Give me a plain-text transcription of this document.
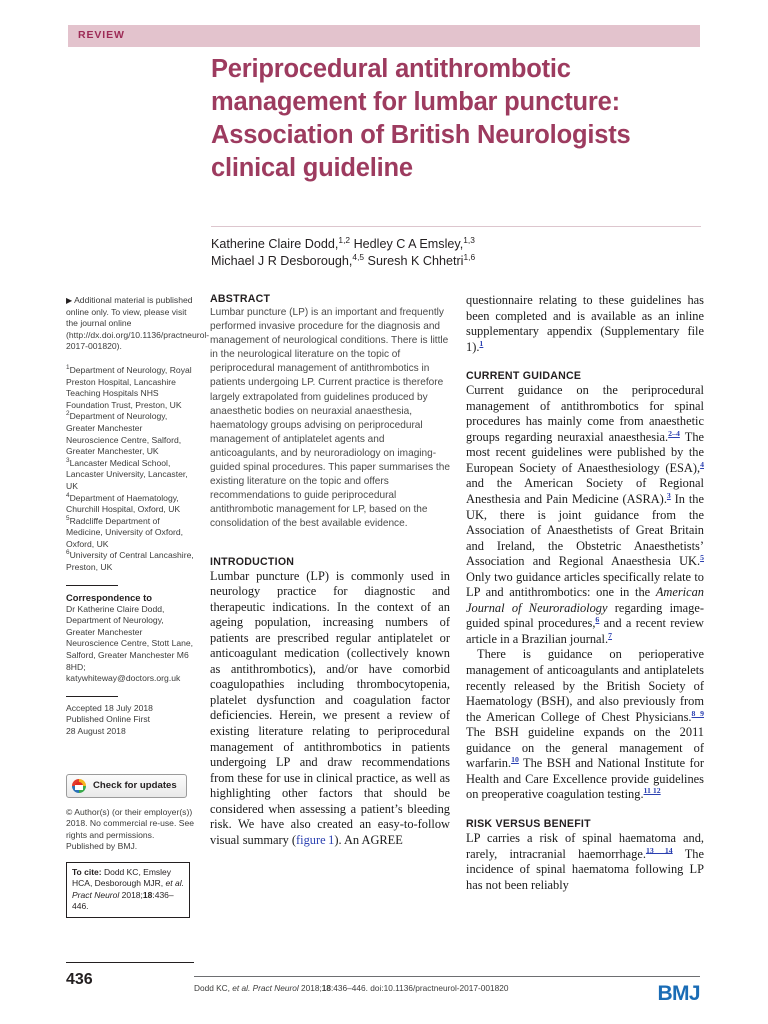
REVIEW
Periprocedural antithrombotic management for lumbar puncture: Association of British Neurologists clinical guideline

Katherine Claire Dodd,$^{1,2}$ Hedley C A Emsley,$^{1,3}$
Michael J R Desborough,$^{4,5}$ Suresh K Chhetri$^{1,6}$

▶ Additional material is published online only. To view, please visit the journal online (http://dx.doi.org/10.1136/practneurol-2017-001820).

$^1$Department of Neurology, Royal Preston Hospital, Lancashire Teaching Hospitals NHS Foundation Trust, Preston, UK

$^2$Department of Neurology, Greater Manchester Neuroscience Centre, Salford, Greater Manchester, UK

$^3$Lancaster Medical School, Lancaster University, Lancaster, UK

$^4$Department of Haematology, Churchill Hospital, Oxford, UK

$^5$Radcliffe Department of Medicine, University of Oxford, Oxford, UK

$^6$University of Central Lancashire, Preston, UK

Correspondence to

Dr Katherine Claire Dodd, Department of Neurology, Greater Manchester Neuroscience Centre, Stott Lane, Salford, Greater Manchester M6 8HD; katywhiteway@doctors.org.uk

Accepted 18 July 2018

Published Online First

28 August 2018

Check for updates

© Author(s) (or their employer(s)) 2018. No commercial re-use. See rights and permissions. Published by BMJ.

To cite: Dodd KC, Emsley HCA, Desborough MJR, et al. Pract Neurol 2018;18:436–446.

436
ABSTRACT

Lumbar puncture (LP) is an important and frequently performed invasive procedure for the diagnosis and management of neurological conditions. There is little in the neurological literature on the topic of periprocedural management of antithrombotics in patients undergoing LP. Current practice is therefore largely extrapolated from guidelines produced by anaesthetic bodies on neuraxial anaesthesia, haematology groups advising on periprocedural management of antiplatelet agents and anticoagulants, and by neuroradiology on imaging-guided spinal procedures. This paper summarises the existing literature on the topic and offers recommendations to guide periprocedural antithrombotic management for LP, based on the consolidation of the best available evidence.

INTRODUCTION

Lumbar puncture (LP) is commonly used in neurology practice for diagnostic and therapeutic indications. In the context of an ageing population, increasing numbers of patients are prescribed regular antiplatelet or anticoagulant medication (collectively known as antithrombotics), and/or have comorbid coagulopathies including thrombocytopenia, platelet dysfunction and coagulation factor deficiencies. Herein, we present a review of existing literature relating to periprocedural management of antithrombotics in patients undergoing LP and draw recommendations from these for use in clinical practice, as well as highlighting other factors that should be considered when assessing a patient’s bleeding risk. We have also created an easy-to-follow visual summary (figure 1). An AGREE

questionnaire relating to these guidelines has been completed and is available as an inline supplementary appendix (Supplementary file 1).$^1$

CURRENT GUIDANCE

Current guidance on the periprocedural management of antithrombotics for spinal procedures has mainly come from anaesthetic groups regarding neuraxial anaesthesia.$^{2-4}$ The most recent guidelines were published by the European Society of Anaesthesiology (ESA),$^4$ and the American Society of Regional Anesthesia and Pain Medicine (ASRA).$^3$ In the UK, there is joint guidance from the Association of Anaesthetists of Great Britain and Ireland, the Obstetric Anaesthetists’ Association and Regional Anaesthesia UK.$^5$ Only two guidance articles specifically relate to LP and antithrombotics: one in the American Journal of Neuroradiology regarding image-guided spinal procedures,$^6$ and a recent review article in a Brazilian journal.$^7$

There is guidance on perioperative management of anticoagulants and antiplatelets recently released by the British Society of Haematology (BSH), and also previously from the American College of Chest Physicians.$^{8 9}$ The BSH guideline expands on the 2011 guidance on the general management of warfarin.$^{10}$ The BSH and National Institute for Health and Care Excellence provide guidelines on preoperative coagulation testing.$^{11 12}$

RISK VERSUS BENEFIT

LP carries a risk of spinal haematoma and, rarely, intracranial haemorrhage.$^{13 14}$ The incidence of spinal haematoma following LP has not been reliably

Dodd KC, et al. Pract Neurol 2018;18:436–446. doi:10.1136/practneurol-2017-001820	BMJ
